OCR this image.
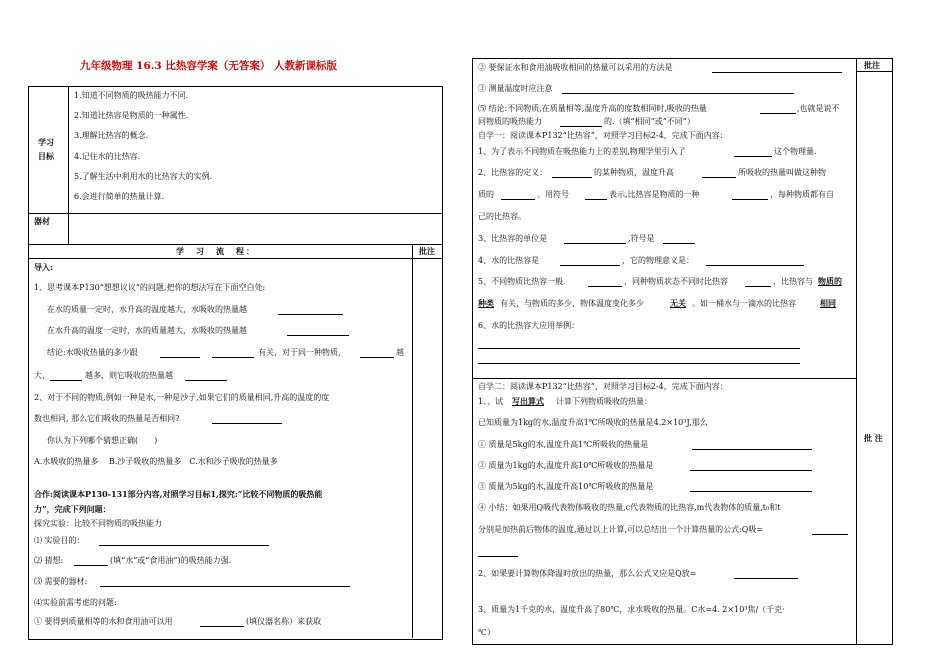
九年级物理 16.3 比热容学案（无答案） 人教新课标版
学习
目标
1.知道不同物质的吸热能力不同.
2.知道比热容是物质的一种属性.
3.理解比热容的概念.
4.记住水的比热容.
5.了解生活中利用水的比热容大的实例.
6.会进行简单的热量计算.
器材
学　习　流　程：	批注
导入:
1、思考课本P130“想想议议”的问题,把你的想法写在下面空白处:
在水的质量一定时，水升高的温度越大，水吸收的热量越
在水升高的温度一定时，水的质量越大，水吸收的热量越
结论:水吸收热量的多少跟	有关，对于同一种物质，	越
大，	越多，则它吸收的热量越
2、对于不同的物质,例如一种是水,一种是沙子,如果它们的质量相同,升高的温度的度
数也相同, 那么它们吸收的热量是否相同?
你认为下列哪个猜想正确(　　)
A.水吸收的热量多　 B.沙子吸收的热量多　C.水和沙子吸收的热量多
合作:阅读课本P130-131部分内容,对照学习目标1,探究:“比较不同物质的吸热能
力”，完成下列问题：
探究实验：比较不同物质的吸热能力
⑴ 实验目的：
⑵ 猜想:	(填“水”或“食用油”)的吸热能力强.
⑶ 需要的器材:
⑷实验前需考虑的问题:
① 要得到质量相等的水和食用油可以用	(填仪器名称）来获取
批注
批 注
② 要保证水和食用油吸收相同的热量可以采用的方法是
③ 测量温度时应注意
⑸ 结论:不同物质,在质量相等,温度升高的度数相同时,吸收的热量	,也就是说不
同物质的吸热能力	的.（填“相同”或“不同”）
自学一：阅读课本P132“比热容”，对照学习目标2-4，完成下面内容：
1、为了表示不同物质在吸热能力上的差别,物理学里引入了	这个物理量.
2、比热容的定义：	的某种物质，温度升高	所吸收的热量叫做这种物
质的	。用符号	表示,比热容是物质的一种	，每种物质都有自
己的比热容。
3、比热容的单位是	,符号是
4、水的比热容是	，它的物理意义是：
5、不同物质比热容一般	，同种物质状态不同时比热容	，比热容与 物质的
种类 有关，与物质的多少，物体温度变化多少	无关 。如一桶水与一滴水的比热容	相同
6、水的比热容大应用举例：
自学二：阅读课本P132“比热容”，对照学习目标2-4，完成下面内容：
1、、试 写出算式 计算下列物质吸收的热量：
已知质量为1kg的水,温度升高1℃所吸收的热量是4.2×10³J,那么
① 质量是5kg的水,温度升高1℃所吸收的热量是
② 质量为1kg的水,温度升高10℃所吸收的热量是
③ 质量为5kg的水,温度升高10℃所吸收的热量是
④ 小结：如果用Q吸代表物体吸收的热量,c代表物质的比热容,m代表物体的质量,t₀和t
分别是加热前后物体的温度,通过以上计算,可以总结出一个计算热量的公式:Q吸=
2、如果要计算物体降温时放出的热量，那么公式又应是Q放=
3、质量为1千克的水，温度升高了80℃，求水吸收的热量。C水=4. 2×10³焦/（千克·
℃）
